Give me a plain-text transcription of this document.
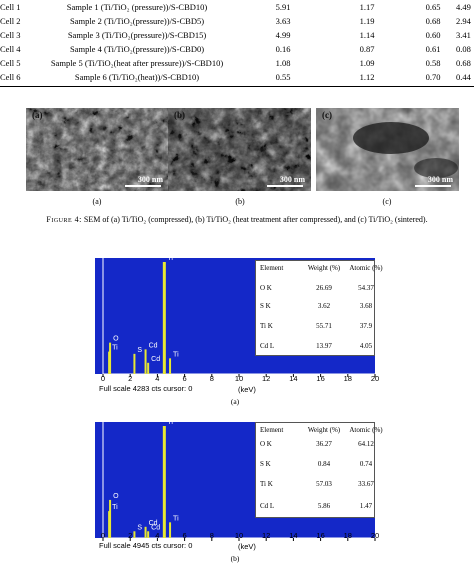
Cell 1	Sample 1 (Ti/TiO₂ (pressure))/S-CBD10)	5.91	1.17	0.65	4.49
Cell 2	Sample 2 (Ti/TiO₂(pressure))/S-CBD5)	3.63	1.19	0.68	2.94
Cell 3	Sample 3 (Ti/TiO₂(pressure))/S-CBD15)	4.99	1.14	0.60	3.41
Cell 4	Sample 4 (Ti/TiO₂(pressure))/S-CBD0)	0.16	0.87	0.61	0.08
Cell 5	Sample 5 (Ti/TiO₂(heat after pressure))/S-CBD10)	1.08	1.09	0.58	0.68
Cell 6	Sample 6 (Ti/TiO₂(heat))/S-CBD10)	0.55	1.12	0.70	0.44
(a)
300 nm
(b)
300 nm
(c)
300 nm
(a)	(b)	(c)
Figure 4: SEM of (a) Ti/TiO₂ (compressed), (b) Ti/TiO₂ (heat treatment after compressed), and (c) Ti/TiO₂ (sintered).
O
Ti	S
Cd
Cd
Ti
Ti
Element	Weight (%)	Atomic (%)
O K	26.69	54.37
S K	3.62	3.68
Ti K	55.71	37.9
Cd L	13.97	4.05
Full scale 4283 cts cursor: 0	(keV)
(a)
O
Ti
S
Cd
Cd
Ti
Ti
Element	Weight (%)	Atomic (%)
O K	36.27	64.12
S K	0.84	0.74
Ti K	57.03	33.67
Cd L	5.86	1.47
Full scale 4945 cts cursor: 0	(keV)
(b)
0	2	4	6	8	10	12	14	16	18	20
0	2	4	6	8	10	12	14	16	18	20
